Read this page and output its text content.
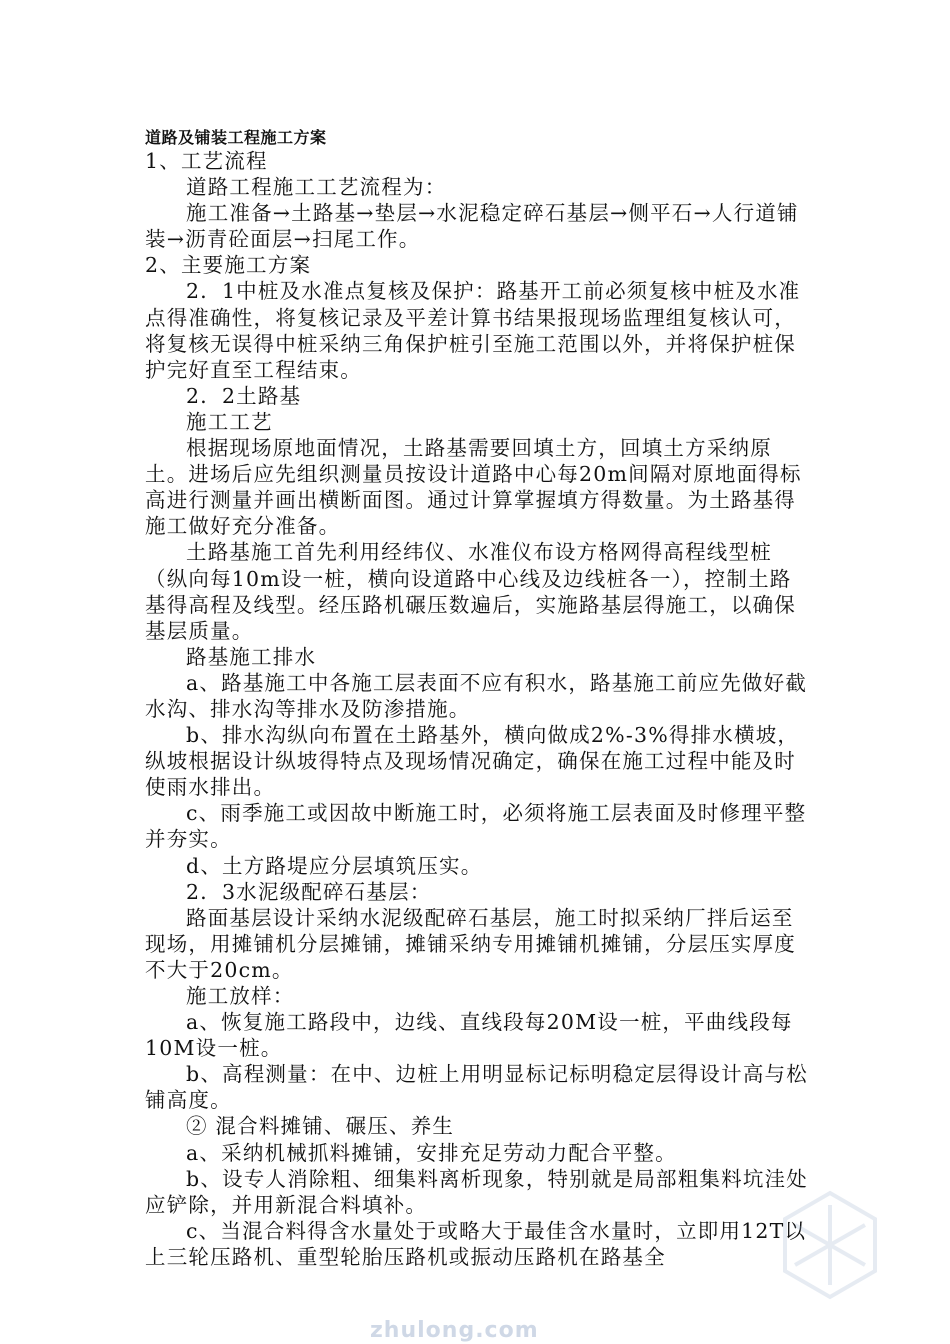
道路及铺装工程施工方案

1、工艺流程

道路工程施工工艺流程为：

施工准备→土路基→垫层→水泥稳定碎石基层→侧平石→人行道铺装→沥青砼面层→扫尾工作。

2、主要施工方案

2．1中桩及水准点复核及保护：路基开工前必须复核中桩及水准点得准确性，将复核记录及平差计算书结果报现场监理组复核认可，将复核无误得中桩采纳三角保护桩引至施工范围以外，并将保护桩保护完好直至工程结束。

2．2土路基

施工工艺

根据现场原地面情况，土路基需要回填土方，回填土方采纳原土。进场后应先组织测量员按设计道路中心每20m间隔对原地面得标高进行测量并画出横断面图。通过计算掌握填方得数量。为土路基得施工做好充分准备。

土路基施工首先利用经纬仪、水准仪布设方格网得高程线型桩（纵向每10m设一桩，横向设道路中心线及边线桩各一），控制土路基得高程及线型。经压路机碾压数遍后，实施路基层得施工，以确保基层质量。

路基施工排水

a、路基施工中各施工层表面不应有积水，路基施工前应先做好截水沟、排水沟等排水及防渗措施。

b、排水沟纵向布置在土路基外，横向做成2%-3%得排水横坡，纵坡根据设计纵坡得特点及现场情况确定，确保在施工过程中能及时使雨水排出。

c、雨季施工或因故中断施工时，必须将施工层表面及时修理平整并夯实。

d、土方路堤应分层填筑压实。

2．3水泥级配碎石基层：

路面基层设计采纳水泥级配碎石基层，施工时拟采纳厂拌后运至现场，用摊铺机分层摊铺，摊铺采纳专用摊铺机摊铺，分层压实厚度不大于20cm。

施工放样：

a、恢复施工路段中，边线、直线段每20M设一桩，平曲线段每10M设一桩。

b、高程测量：在中、边桩上用明显标记标明稳定层得设计高与松铺高度。

② 混合料摊铺、碾压、养生

a、采纳机械抓料摊铺，安排充足劳动力配合平整。

b、设专人消除粗、细集料离析现象，特别就是局部粗集料坑洼处应铲除，并用新混合料填补。

c、当混合料得含水量处于或略大于最佳含水量时，立即用12T以上三轮压路机、重型轮胎压路机或振动压路机在路基全

zhulong.com
